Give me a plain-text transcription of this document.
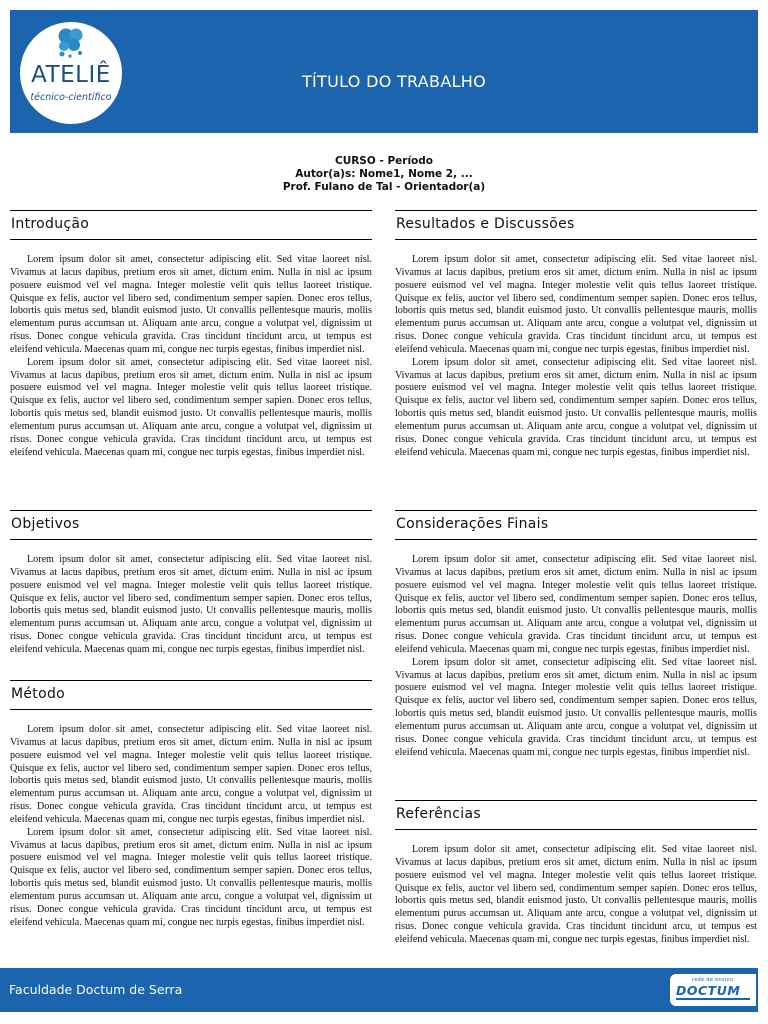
TÍTULO DO TRABALHO
ATELIÊ
técnico-científico
CURSO - Período
Autor(a)s: Nome1, Nome 2, ...
Prof. Fulano de Tal - Orientador(a)
Introdução

Lorem ipsum dolor sit amet, consectetur adipiscing elit. Sed vitae laoreet nisl. Vivamus at lacus dapibus, pretium eros sit amet, dictum enim. Nulla in nisl ac ipsum posuere euismod vel vel magna. Integer molestie velit quis tellus laoreet tristique. Quisque ex felis, auctor vel libero sed, condimentum semper sapien. Donec eros tellus, lobortis quis metus sed, blandit euismod justo. Ut convallis pellentesque mauris, mollis elementum purus accumsan ut. Aliquam ante arcu, congue a volutpat vel, dignissim ut risus. Donec congue vehicula gravida. Cras tincidunt tincidunt arcu, ut tempus est eleifend vehicula. Maecenas quam mi, congue nec turpis egestas, finibus imperdiet nisl.

Lorem ipsum dolor sit amet, consectetur adipiscing elit. Sed vitae laoreet nisl. Vivamus at lacus dapibus, pretium eros sit amet, dictum enim. Nulla in nisl ac ipsum posuere euismod vel vel magna. Integer molestie velit quis tellus laoreet tristique. Quisque ex felis, auctor vel libero sed, condimentum semper sapien. Donec eros tellus, lobortis quis metus sed, blandit euismod justo. Ut convallis pellentesque mauris, mollis elementum purus accumsan ut. Aliquam ante arcu, congue a volutpat vel, dignissim ut risus. Donec congue vehicula gravida. Cras tincidunt tincidunt arcu, ut tempus est eleifend vehicula. Maecenas quam mi, congue nec turpis egestas, finibus imperdiet nisl.

Objetivos

Lorem ipsum dolor sit amet, consectetur adipiscing elit. Sed vitae laoreet nisl. Vivamus at lacus dapibus, pretium eros sit amet, dictum enim. Nulla in nisl ac ipsum posuere euismod vel vel magna. Integer molestie velit quis tellus laoreet tristique. Quisque ex felis, auctor vel libero sed, condimentum semper sapien. Donec eros tellus, lobortis quis metus sed, blandit euismod justo. Ut convallis pellentesque mauris, mollis elementum purus accumsan ut. Aliquam ante arcu, congue a volutpat vel, dignissim ut risus. Donec congue vehicula gravida. Cras tincidunt tincidunt arcu, ut tempus est eleifend vehicula. Maecenas quam mi, congue nec turpis egestas, finibus imperdiet nisl.

Método

Lorem ipsum dolor sit amet, consectetur adipiscing elit. Sed vitae laoreet nisl. Vivamus at lacus dapibus, pretium eros sit amet, dictum enim. Nulla in nisl ac ipsum posuere euismod vel vel magna. Integer molestie velit quis tellus laoreet tristique. Quisque ex felis, auctor vel libero sed, condimentum semper sapien. Donec eros tellus, lobortis quis metus sed, blandit euismod justo. Ut convallis pellentesque mauris, mollis elementum purus accumsan ut. Aliquam ante arcu, congue a volutpat vel, dignissim ut risus. Donec congue vehicula gravida. Cras tincidunt tincidunt arcu, ut tempus est eleifend vehicula. Maecenas quam mi, congue nec turpis egestas, finibus imperdiet nisl.

Lorem ipsum dolor sit amet, consectetur adipiscing elit. Sed vitae laoreet nisl. Vivamus at lacus dapibus, pretium eros sit amet, dictum enim. Nulla in nisl ac ipsum posuere euismod vel vel magna. Integer molestie velit quis tellus laoreet tristique. Quisque ex felis, auctor vel libero sed, condimentum semper sapien. Donec eros tellus, lobortis quis metus sed, blandit euismod justo. Ut convallis pellentesque mauris, mollis elementum purus accumsan ut. Aliquam ante arcu, congue a volutpat vel, dignissim ut risus. Donec congue vehicula gravida. Cras tincidunt tincidunt arcu, ut tempus est eleifend vehicula. Maecenas quam mi, congue nec turpis egestas, finibus imperdiet nisl.

Resultados e Discussões

Lorem ipsum dolor sit amet, consectetur adipiscing elit. Sed vitae laoreet nisl. Vivamus at lacus dapibus, pretium eros sit amet, dictum enim. Nulla in nisl ac ipsum posuere euismod vel vel magna. Integer molestie velit quis tellus laoreet tristique. Quisque ex felis, auctor vel libero sed, condimentum semper sapien. Donec eros tellus, lobortis quis metus sed, blandit euismod justo. Ut convallis pellentesque mauris, mollis elementum purus accumsan ut. Aliquam ante arcu, congue a volutpat vel, dignissim ut risus. Donec congue vehicula gravida. Cras tincidunt tincidunt arcu, ut tempus est eleifend vehicula. Maecenas quam mi, congue nec turpis egestas, finibus imperdiet nisl.

Lorem ipsum dolor sit amet, consectetur adipiscing elit. Sed vitae laoreet nisl. Vivamus at lacus dapibus, pretium eros sit amet, dictum enim. Nulla in nisl ac ipsum posuere euismod vel vel magna. Integer molestie velit quis tellus laoreet tristique. Quisque ex felis, auctor vel libero sed, condimentum semper sapien. Donec eros tellus, lobortis quis metus sed, blandit euismod justo. Ut convallis pellentesque mauris, mollis elementum purus accumsan ut. Aliquam ante arcu, congue a volutpat vel, dignissim ut risus. Donec congue vehicula gravida. Cras tincidunt tincidunt arcu, ut tempus est eleifend vehicula. Maecenas quam mi, congue nec turpis egestas, finibus imperdiet nisl.

Considerações Finais

Lorem ipsum dolor sit amet, consectetur adipiscing elit. Sed vitae laoreet nisl. Vivamus at lacus dapibus, pretium eros sit amet, dictum enim. Nulla in nisl ac ipsum posuere euismod vel vel magna. Integer molestie velit quis tellus laoreet tristique. Quisque ex felis, auctor vel libero sed, condimentum semper sapien. Donec eros tellus, lobortis quis metus sed, blandit euismod justo. Ut convallis pellentesque mauris, mollis elementum purus accumsan ut. Aliquam ante arcu, congue a volutpat vel, dignissim ut risus. Donec congue vehicula gravida. Cras tincidunt tincidunt arcu, ut tempus est eleifend vehicula. Maecenas quam mi, congue nec turpis egestas, finibus imperdiet nisl.

Lorem ipsum dolor sit amet, consectetur adipiscing elit. Sed vitae laoreet nisl. Vivamus at lacus dapibus, pretium eros sit amet, dictum enim. Nulla in nisl ac ipsum posuere euismod vel vel magna. Integer molestie velit quis tellus laoreet tristique. Quisque ex felis, auctor vel libero sed, condimentum semper sapien. Donec eros tellus, lobortis quis metus sed, blandit euismod justo. Ut convallis pellentesque mauris, mollis elementum purus accumsan ut. Aliquam ante arcu, congue a volutpat vel, dignissim ut risus. Donec congue vehicula gravida. Cras tincidunt tincidunt arcu, ut tempus est eleifend vehicula. Maecenas quam mi, congue nec turpis egestas, finibus imperdiet nisl.

Referências

Lorem ipsum dolor sit amet, consectetur adipiscing elit. Sed vitae laoreet nisl. Vivamus at lacus dapibus, pretium eros sit amet, dictum enim. Nulla in nisl ac ipsum posuere euismod vel vel magna. Integer molestie velit quis tellus laoreet tristique. Quisque ex felis, auctor vel libero sed, condimentum semper sapien. Donec eros tellus, lobortis quis metus sed, blandit euismod justo. Ut convallis pellentesque mauris, mollis elementum purus accumsan ut. Aliquam ante arcu, congue a volutpat vel, dignissim ut risus. Donec congue vehicula gravida. Cras tincidunt tincidunt arcu, ut tempus est eleifend vehicula. Maecenas quam mi, congue nec turpis egestas, finibus imperdiet nisl.

Faculdade Doctum de Serra
rede de ensino
DOCTUM
